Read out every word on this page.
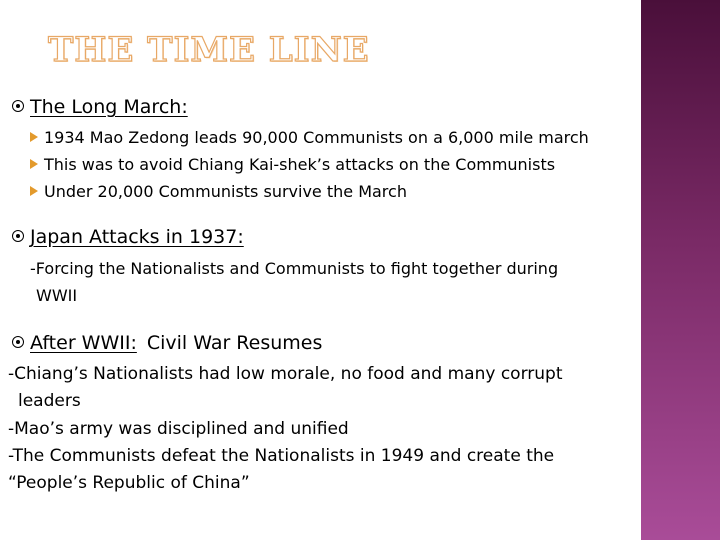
THE TIME LINE
The Long March:
1934 Mao Zedong leads 90,000 Communists on a 6,000 mile march
This was to avoid Chiang Kai-shek’s attacks on the Communists
Under 20,000 Communists survive the March
Japan Attacks in 1937:
-Forcing the Nationalists and Communists to fight together during
WWII
After WWII: Civil War Resumes
-Chiang’s Nationalists had low morale, no food and many corrupt
leaders
-Mao’s army was disciplined and unified
-The Communists defeat the Nationalists in 1949 and create the
“People’s Republic of China”
